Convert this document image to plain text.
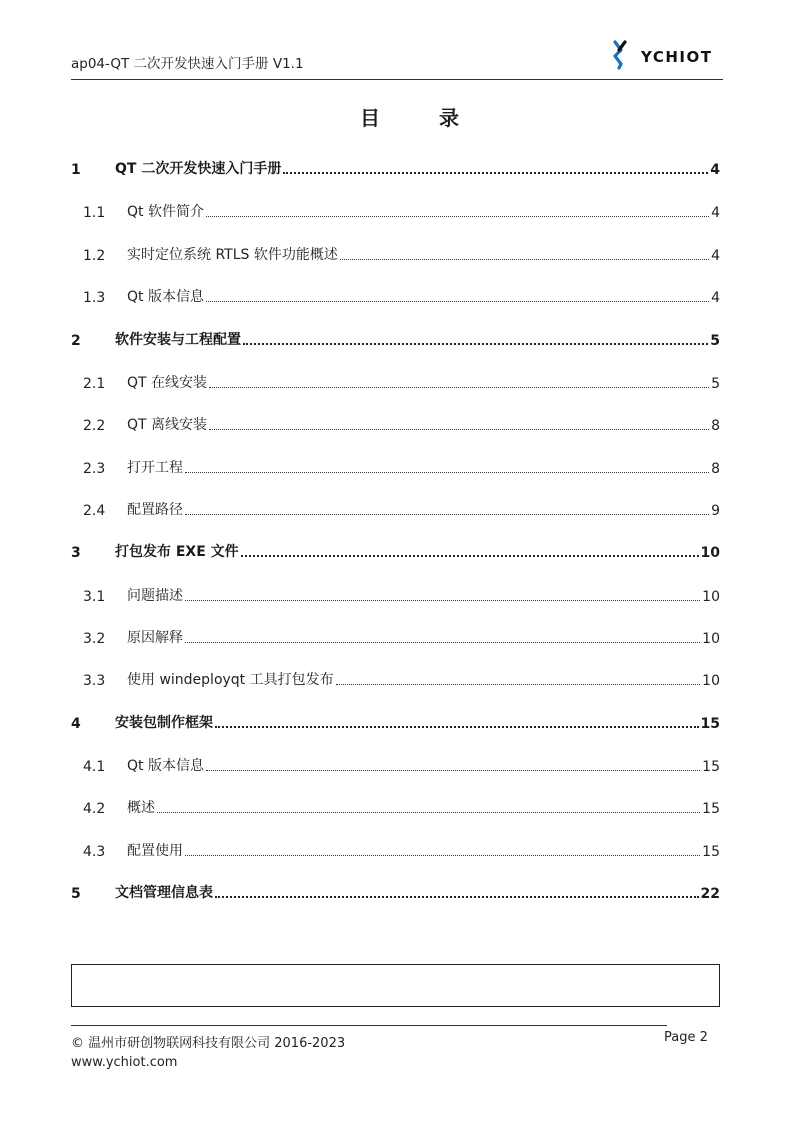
ap04-QT 二次开发快速入门手册 V1.1	YCHIOT
目 录
1	QT 二次开发快速入门手册	4
1.1	Qt 软件简介	4
1.2	实时定位系统 RTLS 软件功能概述	4
1.3	Qt 版本信息	4
2	软件安装与工程配置	5
2.1	QT 在线安装	5
2.2	QT 离线安装	8
2.3	打开工程	8
2.4	配置路径	9
3	打包发布 EXE 文件	10
3.1	问题描述	10
3.2	原因解释	10
3.3	使用 windeployqt 工具打包发布	10
4	安装包制作框架	15
4.1	Qt 版本信息	15
4.2	概述	15
4.3	配置使用	15
5	文档管理信息表	22
© 温州市研创物联网科技有限公司 2016-2023
www.ychiot.com
Page 2
